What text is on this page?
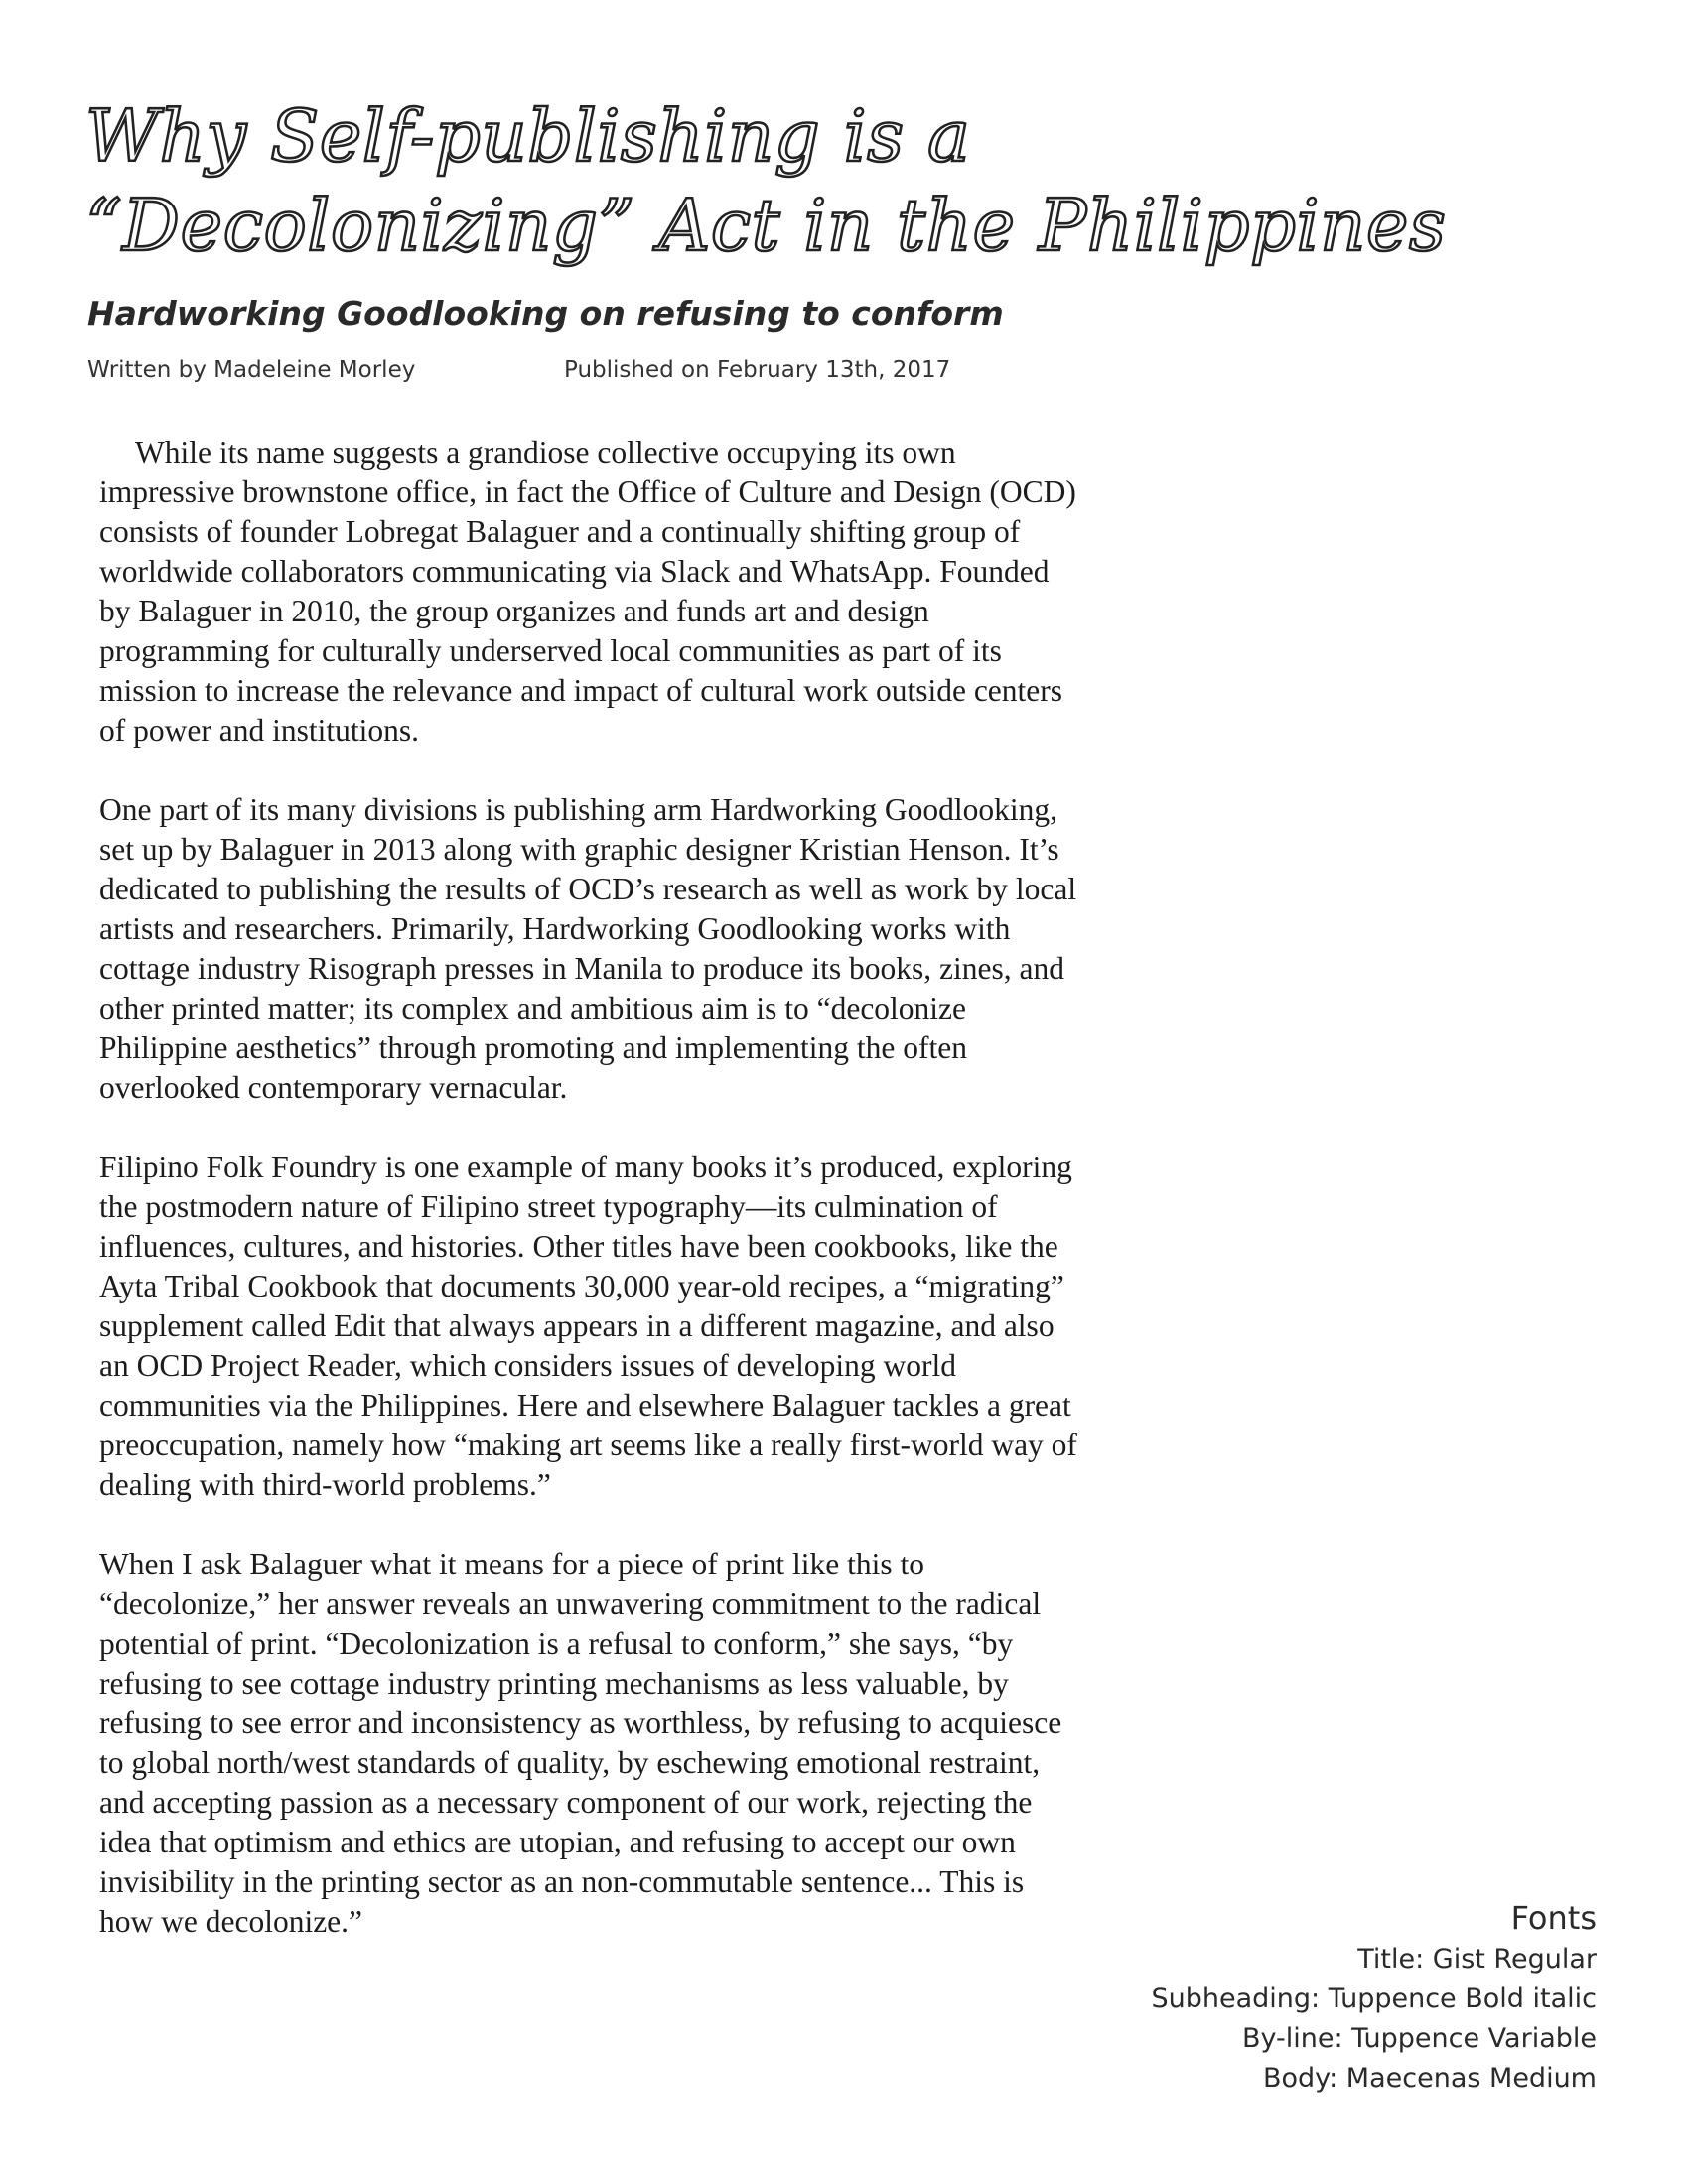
Why Self-publishing is a
“Decolonizing” Act in the Philippines
Hardworking Goodlooking on refusing to conform
Written by Madeleine Morley	Published on February 13th, 2017

While its name suggests a grandiose collective occupying its own impressive brownstone office, in fact the Office of Culture and Design (OCD) consists of founder Lobregat Balaguer and a continually shifting group of worldwide collaborators communicating via Slack and WhatsApp. Founded by Balaguer in 2010, the group organizes and funds art and design programming for culturally underserved local communities as part of its mission to increase the relevance and impact of cultural work outside centers of power and institutions.

One part of its many divisions is publishing arm Hardworking Goodlooking, set up by Balaguer in 2013 along with graphic designer Kristian Henson. It’s dedicated to publishing the results of OCD’s research as well as work by local artists and researchers. Primarily, Hardworking Goodlooking works with cottage industry Risograph presses in Manila to produce its books, zines, and other printed matter; its complex and ambitious aim is to “decolonize Philippine aesthetics” through promoting and implementing the often overlooked contemporary vernacular.

Filipino Folk Foundry is one example of many books it’s produced, exploring the postmodern nature of Filipino street typography—its culmination of influences, cultures, and histories. Other titles have been cookbooks, like the Ayta Tribal Cookbook that documents 30,000 year-old recipes, a “migrating” supplement called Edit that always appears in a different magazine, and also an OCD Project Reader, which considers issues of developing world communities via the Philippines. Here and elsewhere Balaguer tackles a great preoccupation, namely how “making art seems like a really first-world way of dealing with third-world problems.”

When I ask Balaguer what it means for a piece of print like this to “decolonize,” her answer reveals an unwavering commitment to the radical potential of print. “Decolonization is a refusal to conform,” she says, “by refusing to see cottage industry printing mechanisms as less valuable, by refusing to see error and inconsistency as worthless, by refusing to acquiesce to global north/west standards of quality, by eschewing emotional restraint, and accepting passion as a necessary component of our work, rejecting the idea that optimism and ethics are utopian, and refusing to accept our own invisibility in the printing sector as an non-commutable sentence... This is how we decolonize.”	Fonts
Title: Gist Regular
Subheading: Tuppence Bold italic
By-line: Tuppence Variable
Body: Maecenas Medium
